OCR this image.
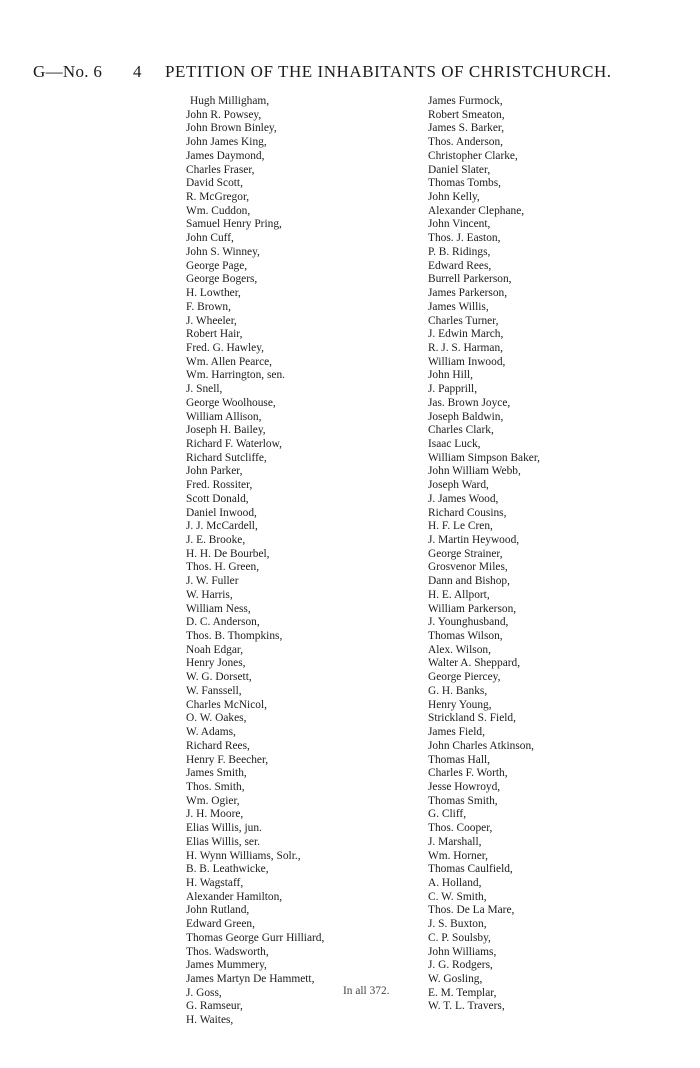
G—No. 6 4 PETITION OF THE INHABITANTS OF CHRISTCHURCH.
Hugh Milligham,
John R. Powsey,
John Brown Binley,
John James King,
James Daymond,
Charles Fraser,
David Scott,
R. McGregor,
Wm. Cuddon,
Samuel Henry Pring,
John Cuff,
John S. Winney,
George Page,
George Bogers,
H. Lowther,
F. Brown,
J. Wheeler,
Robert Hair,
Fred. G. Hawley,
Wm. Allen Pearce,
Wm. Harrington, sen.
J. Snell,
George Woolhouse,
William Allison,
Joseph H. Bailey,
Richard F. Waterlow,
Richard Sutcliffe,
John Parker,
Fred. Rossiter,
Scott Donald,
Daniel Inwood,
J. J. McCardell,
J. E. Brooke,
H. H. De Bourbel,
Thos. H. Green,
J. W. Fuller
W. Harris,
William Ness,
D. C. Anderson,
Thos. B. Thompkins,
Noah Edgar,
Henry Jones,
W. G. Dorsett,
W. Fanssell,
Charles McNicol,
O. W. Oakes,
W. Adams,
Richard Rees,
Henry F. Beecher,
James Smith,
Thos. Smith,
Wm. Ogier,
J. H. Moore,
Elias Willis, jun.
Elias Willis, ser.
H. Wynn Williams, Solr.,
B. B. Leathwicke,
H. Wagstaff,
Alexander Hamilton,
John Rutland,
Edward Green,
Thomas George Gurr Hilliard,
Thos. Wadsworth,
James Mummery,
James Martyn De Hammett,
J. Goss,
G. Ramseur,
H. Waites,
James Furmock,
Robert Smeaton,
James S. Barker,
Thos. Anderson,
Christopher Clarke,
Daniel Slater,
Thomas Tombs,
John Kelly,
Alexander Clephane,
John Vincent,
Thos. J. Easton,
P. B. Ridings,
Edward Rees,
Burrell Parkerson,
James Parkerson,
James Willis,
Charles Turner,
J. Edwin March,
R. J. S. Harman,
William Inwood,
John Hill,
J. Papprill,
Jas. Brown Joyce,
Joseph Baldwin,
Charles Clark,
Isaac Luck,
William Simpson Baker,
John William Webb,
Joseph Ward,
J. James Wood,
Richard Cousins,
H. F. Le Cren,
J. Martin Heywood,
George Strainer,
Grosvenor Miles,
Dann and Bishop,
H. E. Allport,
William Parkerson,
J. Younghusband,
Thomas Wilson,
Alex. Wilson,
Walter A. Sheppard,
George Piercey,
G. H. Banks,
Henry Young,
Strickland S. Field,
James Field,
John Charles Atkinson,
Thomas Hall,
Charles F. Worth,
Jesse Howroyd,
Thomas Smith,
G. Cliff,
Thos. Cooper,
J. Marshall,
Wm. Horner,
Thomas Caulfield,
A. Holland,
C. W. Smith,
Thos. De La Mare,
J. S. Buxton,
C. P. Soulsby,
John Williams,
J. G. Rodgers,
W. Gosling,
E. M. Templar,
W. T. L. Travers,
In all 372.
